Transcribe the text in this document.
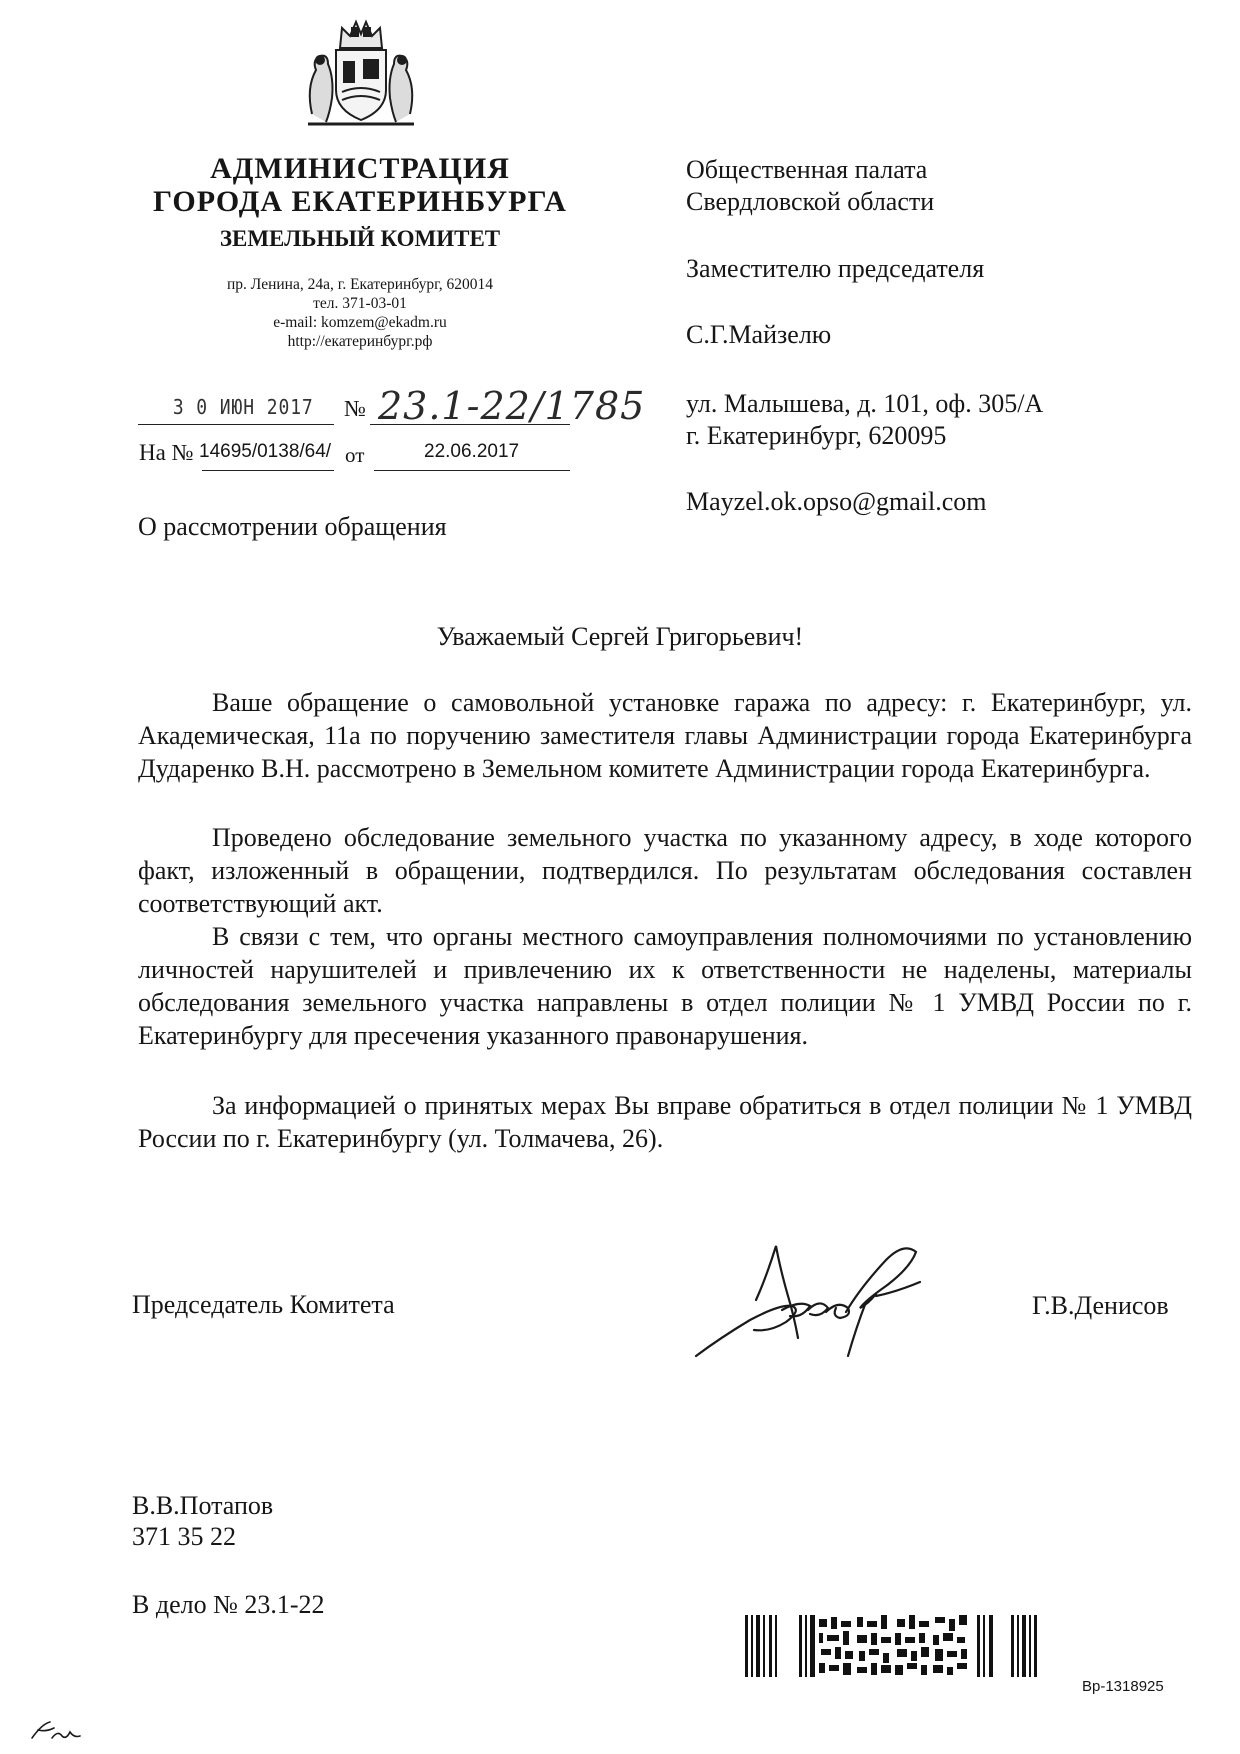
АДМИНИСТРАЦИЯ
ГОРОДА ЕКАТЕРИНБУРГА
ЗЕМЕЛЬНЫЙ КОМИТЕТ
пр. Ленина, 24а, г. Екатеринбург, 620014
тел. 371-03-01
e-mail: komzem@ekadm.ru
http://екатеринбург.рф
Общественная палата
Свердловской области
Заместителю председателя
С.Г.Майзелю
ул. Малышева, д. 101, оф. 305/А
г. Екатеринбург, 620095
Mayzel.ok.opso@gmail.com
3 0 ИЮН 2017 № 23.1-22/1785
На № 14695/0138/64/ от	22.06.2017
О рассмотрении обращения
Уважаемый Сергей Григорьевич!
Ваше обращение о самовольной установке гаража по адресу: г. Екатеринбург, ул. Академическая, 11а по поручению заместителя главы Администрации города Екатеринбурга Дударенко В.Н. рассмотрено в Земельном комитете Администрации города Екатеринбурга.
Проведено обследование земельного участка по указанному адресу, в ходе которого факт, изложенный в обращении, подтвердился. По результатам обследования составлен соответствующий акт.
В связи с тем, что органы местного самоуправления полномочиями по установлению личностей нарушителей и привлечению их к ответственности не наделены, материалы обследования земельного участка направлены в отдел полиции № 1 УМВД России по г. Екатеринбургу для пресечения указанного правонарушения.
За информацией о принятых мерах Вы вправе обратиться в отдел полиции № 1 УМВД России по г. Екатеринбургу (ул. Толмачева, 26).
Председатель Комитета	Г.В.Денисов
В.В.Потапов
371 35 22
В дело № 23.1-22
Вр-1318925
